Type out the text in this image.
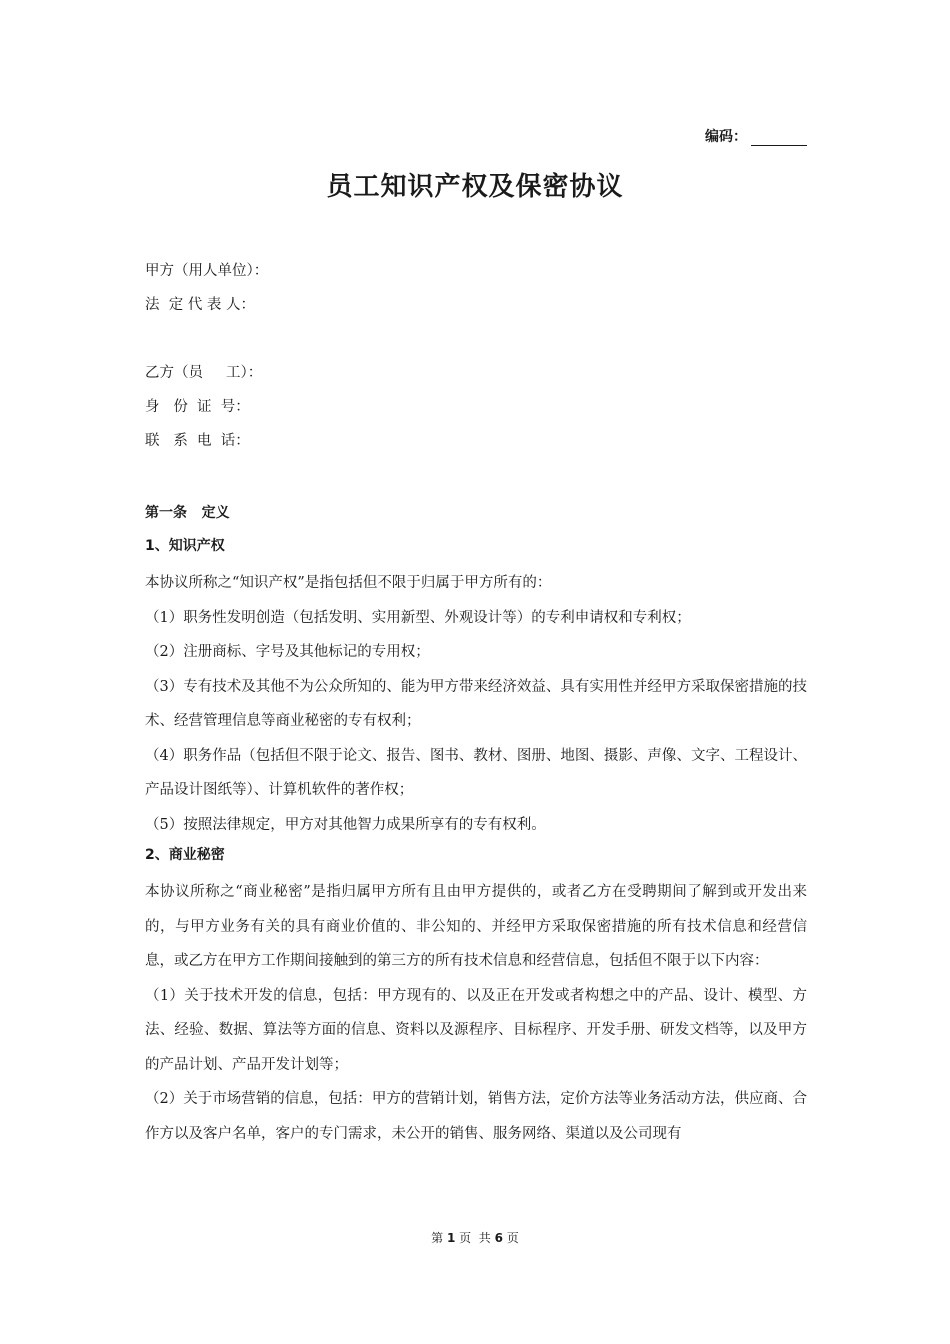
编码：
员工知识产权及保密协议
甲方（用人单位）：
法  定 代 表 人：
乙方（员     工）：
身   份  证  号：
联   系  电  话：
第一条   定义
1、知识产权
本协议所称之“知识产权”是指包括但不限于归属于甲方所有的：
（1）职务性发明创造（包括发明、实用新型、外观设计等）的专利申请权和专利权；
（2）注册商标、字号及其他标记的专用权；
（3）专有技术及其他不为公众所知的、能为甲方带来经济效益、具有实用性并经甲方采取保密措施的技术、经营管理信息等商业秘密的专有权利；
（4）职务作品（包括但不限于论文、报告、图书、教材、图册、地图、摄影、声像、文字、工程设计、产品设计图纸等）、计算机软件的著作权；
（5）按照法律规定，甲方对其他智力成果所享有的专有权利。
2、商业秘密
本协议所称之“商业秘密”是指归属甲方所有且由甲方提供的，或者乙方在受聘期间了解到或开发出来的，与甲方业务有关的具有商业价值的、非公知的、并经甲方采取保密措施的所有技术信息和经营信息，或乙方在甲方工作期间接触到的第三方的所有技术信息和经营信息，包括但不限于以下内容：
（1）关于技术开发的信息，包括：甲方现有的、以及正在开发或者构想之中的产品、设计、模型、方法、经验、数据、算法等方面的信息、资料以及源程序、目标程序、开发手册、研发文档等，以及甲方的产品计划、产品开发计划等；
（2）关于市场营销的信息，包括：甲方的营销计划，销售方法，定价方法等业务活动方法，供应商、合作方以及客户名单，客户的专门需求，未公开的销售、服务网络、渠道以及公司现有
第 1 页  共 6 页
